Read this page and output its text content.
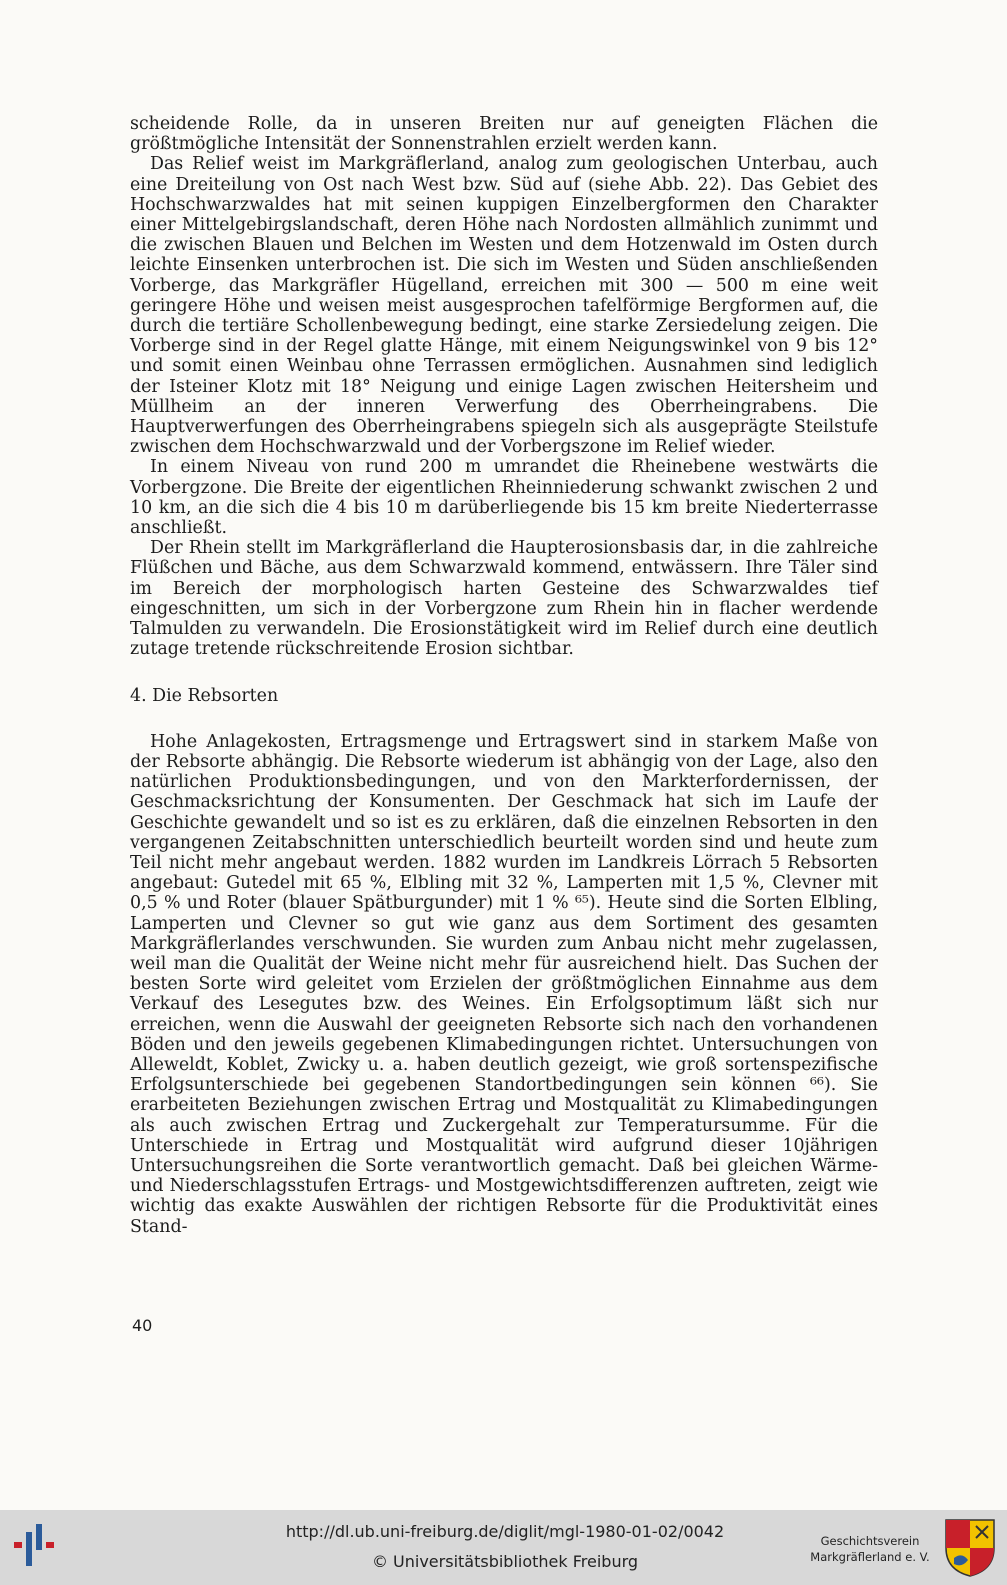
scheidende Rolle, da in unseren Breiten nur auf geneigten Flächen die größtmögliche Intensität der Sonnenstrahlen erzielt werden kann.

Das Relief weist im Markgräflerland, analog zum geologischen Unterbau, auch eine Dreiteilung von Ost nach West bzw. Süd auf (siehe Abb. 22). Das Gebiet des Hochschwarzwaldes hat mit seinen kuppigen Einzelbergformen den Charakter einer Mittelgebirgslandschaft, deren Höhe nach Nordosten allmählich zunimmt und die zwischen Blauen und Belchen im Westen und dem Hotzenwald im Osten durch leichte Einsenken unterbrochen ist. Die sich im Westen und Süden anschließenden Vorberge, das Markgräfler Hügelland, erreichen mit 300 — 500 m eine weit geringere Höhe und weisen meist ausgesprochen tafelförmige Bergformen auf, die durch die tertiäre Schollenbewegung bedingt, eine starke Zersiedelung zeigen. Die Vorberge sind in der Regel glatte Hänge, mit einem Neigungswinkel von 9 bis 12° und somit einen Weinbau ohne Terrassen ermöglichen. Ausnahmen sind lediglich der Isteiner Klotz mit 18° Neigung und einige Lagen zwischen Heitersheim und Müllheim an der inneren Verwerfung des Oberrheingrabens. Die Hauptverwerfungen des Oberrheingrabens spiegeln sich als ausgeprägte Steilstufe zwischen dem Hochschwarzwald und der Vorbergszone im Relief wieder.

In einem Niveau von rund 200 m umrandet die Rheinebene westwärts die Vorbergzone. Die Breite der eigentlichen Rheinniederung schwankt zwischen 2 und 10 km, an die sich die 4 bis 10 m darüberliegende bis 15 km breite Niederterrasse anschließt.

Der Rhein stellt im Markgräflerland die Haupterosionsbasis dar, in die zahlreiche Flüßchen und Bäche, aus dem Schwarzwald kommend, entwässern. Ihre Täler sind im Bereich der morphologisch harten Gesteine des Schwarzwaldes tief eingeschnitten, um sich in der Vorbergzone zum Rhein hin in flacher werdende Talmulden zu verwandeln. Die Erosionstätigkeit wird im Relief durch eine deutlich zutage tretende rückschreitende Erosion sichtbar.

4. Die Rebsorten

Hohe Anlagekosten, Ertragsmenge und Ertragswert sind in starkem Maße von der Rebsorte abhängig. Die Rebsorte wiederum ist abhängig von der Lage, also den natürlichen Produktionsbedingungen, und von den Markterfordernissen, der Geschmacksrichtung der Konsumenten. Der Geschmack hat sich im Laufe der Geschichte gewandelt und so ist es zu erklären, daß die einzelnen Rebsorten in den vergangenen Zeitabschnitten unterschiedlich beurteilt worden sind und heute zum Teil nicht mehr angebaut werden. 1882 wurden im Landkreis Lörrach 5 Rebsorten angebaut: Gutedel mit 65 %, Elbling mit 32 %, Lamperten mit 1,5 %, Clevner mit 0,5 % und Roter (blauer Spätburgunder) mit 1 % ⁶⁵). Heute sind die Sorten Elbling, Lamperten und Clevner so gut wie ganz aus dem Sortiment des gesamten Markgräflerlandes verschwunden. Sie wurden zum Anbau nicht mehr zugelassen, weil man die Qualität der Weine nicht mehr für ausreichend hielt. Das Suchen der besten Sorte wird geleitet vom Erzielen der größtmöglichen Einnahme aus dem Verkauf des Lesegutes bzw. des Weines. Ein Erfolgsoptimum läßt sich nur erreichen, wenn die Auswahl der geeigneten Rebsorte sich nach den vorhandenen Böden und den jeweils gegebenen Klimabedingungen richtet. Untersuchungen von Alleweldt, Koblet, Zwicky u. a. haben deutlich gezeigt, wie groß sortenspezifische Erfolgsunterschiede bei gegebenen Standortbedingungen sein können ⁶⁶). Sie erarbeiteten Beziehungen zwischen Ertrag und Mostqualität zu Klimabedingungen als auch zwischen Ertrag und Zuckergehalt zur Temperatursumme. Für die Unterschiede in Ertrag und Mostqualität wird aufgrund dieser 10jährigen Untersuchungsreihen die Sorte verantwortlich gemacht. Daß bei gleichen Wärme- und Niederschlagsstufen Ertrags- und Mostgewichtsdifferenzen auftreten, zeigt wie wichtig das exakte Auswählen der richtigen Rebsorte für die Produktivität eines Stand-

40
http://dl.ub.uni-freiburg.de/diglit/mgl-1980-01-02/0042
© Universitätsbibliothek Freiburg
Geschichtsverein
Markgräflerland e. V.
